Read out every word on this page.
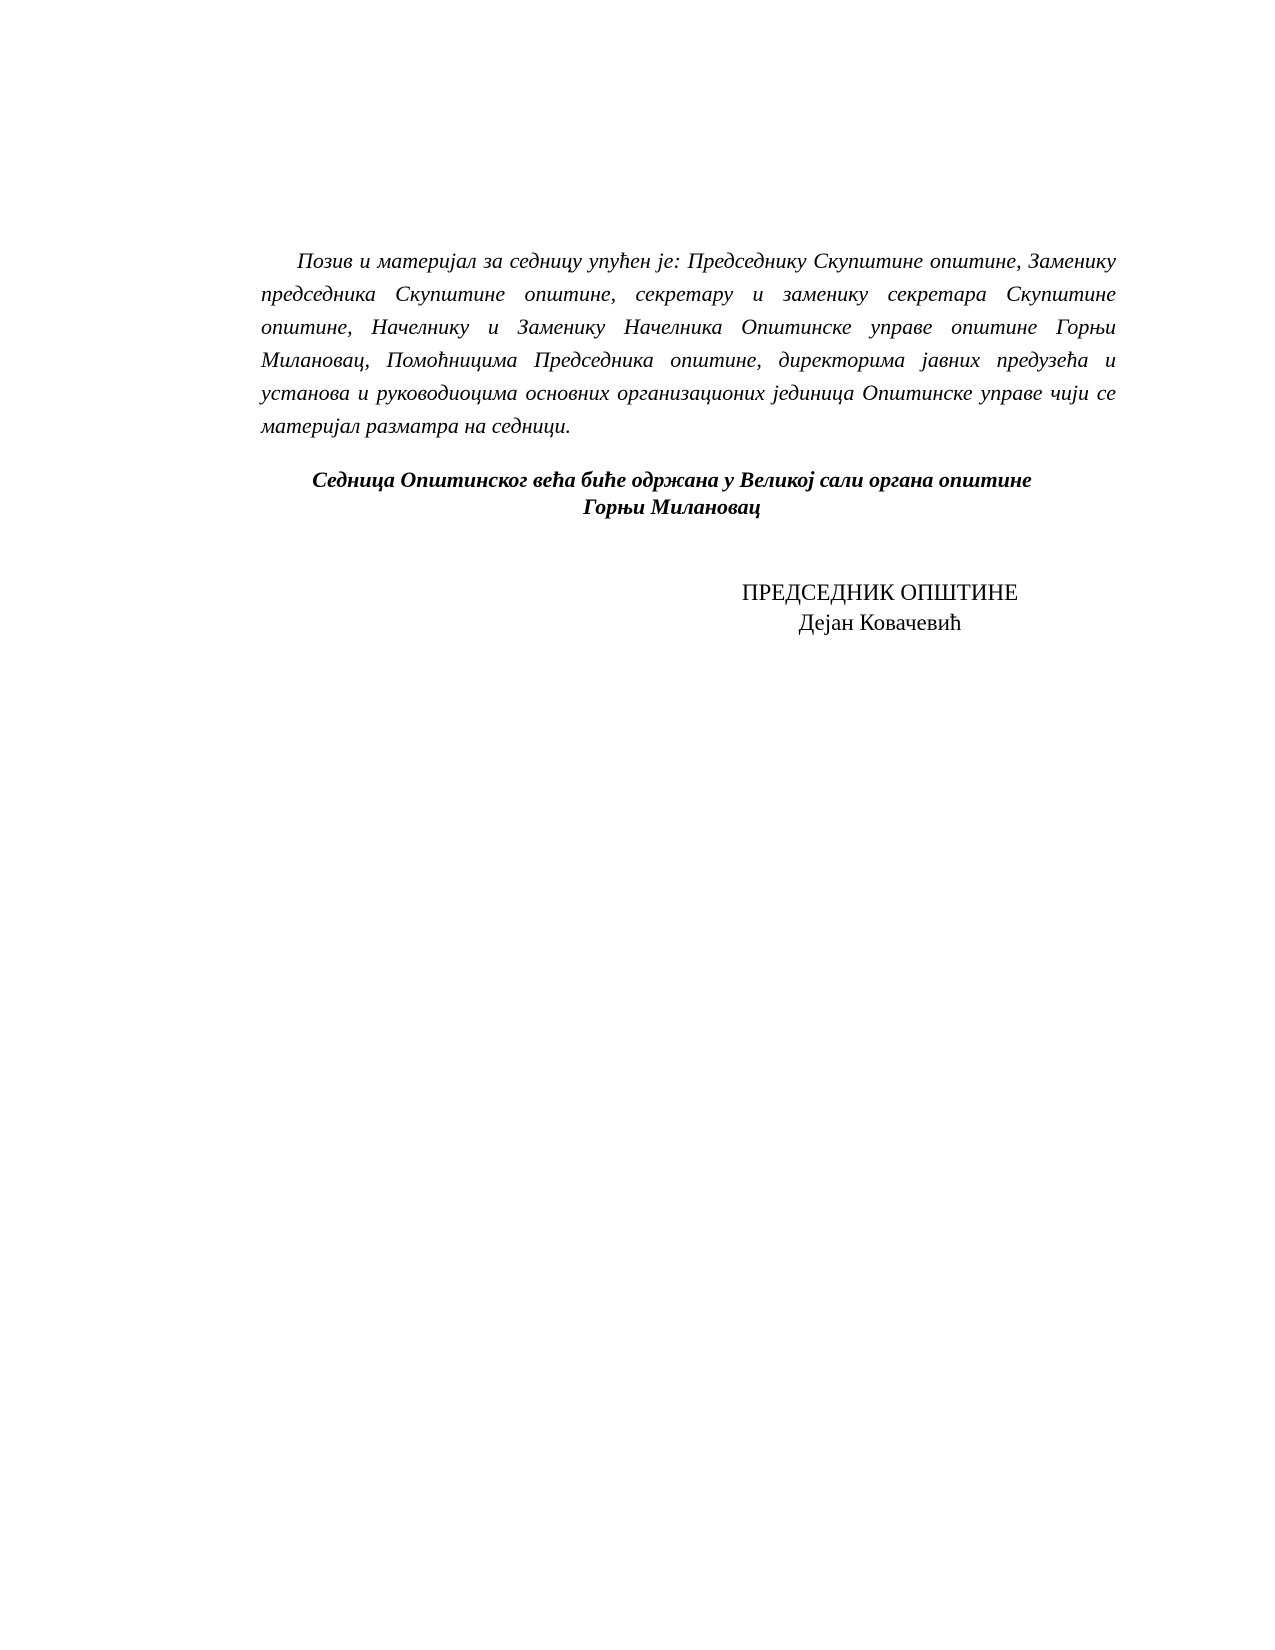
Позив и материјал за седницу упућен је: Председнику Скупштине општине, Заменику председника Скупштине општине, секретару и заменику секретара Скупштине општине, Начелнику и Заменику Начелника Општинске управе општине Горњи Милановац, Помоћницима Председника општине, директорима јавних предузећа и установа и руководиоцима основних организационих јединица Општинске управе чији се материјал разматра на седници.

Седница Општинског већа биће одржана у Великој сали органа општине
Горњи Милановац

ПРЕДСЕДНИК ОПШТИНЕ
Дејан Ковачевић
